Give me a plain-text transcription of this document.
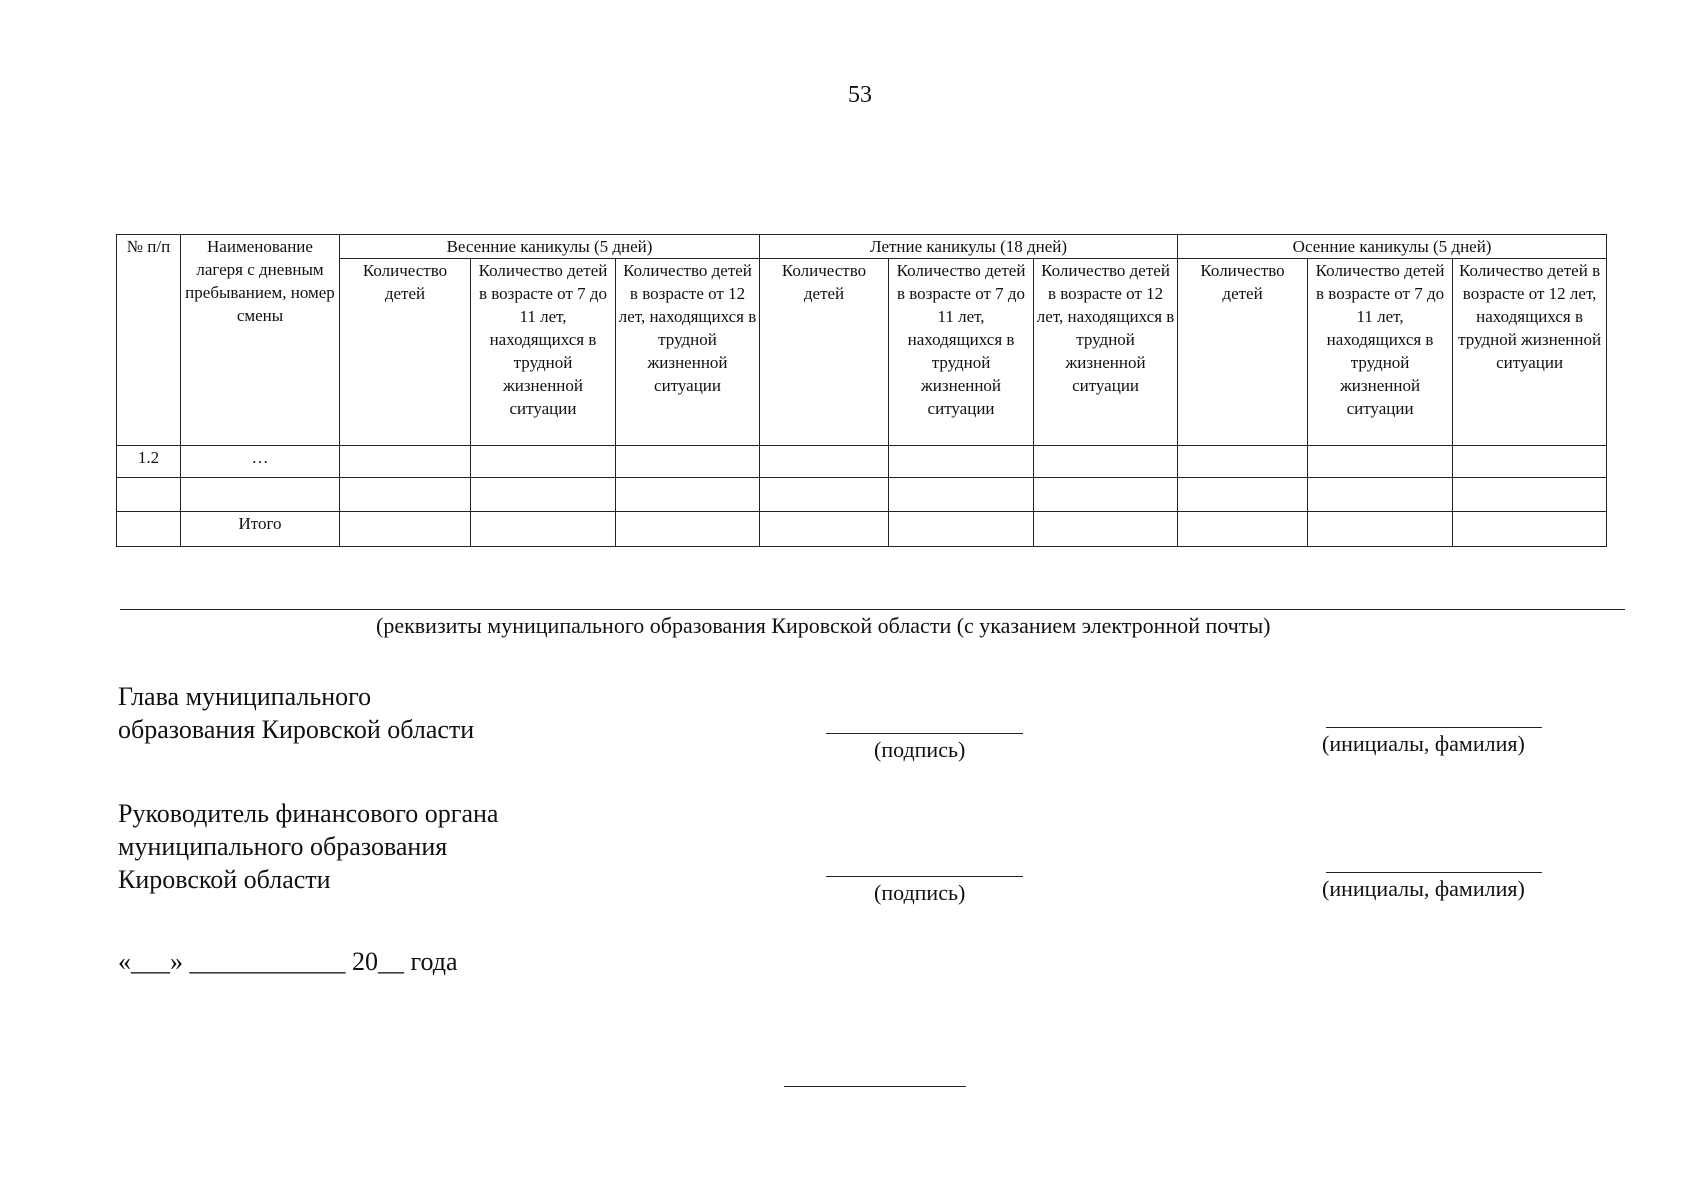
53
№ п/п	Наименование лагеря с дневным пребыванием, номер смены	Весенние каникулы (5 дней)			Летние каникулы (18 дней)			Осенние каникулы (5 дней)		
		Количество детей	Количество детей в возрасте от 7 до 11 лет, находящихся в трудной жизненной ситуации	Количество детей в возрасте от 12 лет, находящихся в трудной жизненной ситуации	Количество детей	Количество детей в возрасте от 7 до 11 лет, находящихся в трудной жизненной ситуации	Количество детей в возрасте от 12 лет, находящихся в трудной жизненной ситуации	Количество детей	Количество детей в возрасте от 7 до 11 лет, находящихся в трудной жизненной ситуации	Количество детей в возрасте от 12 лет, находящихся в трудной жизненной ситуации
1.2	…									

	Итого									
(реквизиты муниципального образования Кировской области (с указанием электронной почты)
Глава муниципального
образования Кировской области
(подпись)	(инициалы, фамилия)
Руководитель финансового органа
муниципального образования
Кировской области	(подпись)	(инициалы, фамилия)
«___» ____________ 20__ года
